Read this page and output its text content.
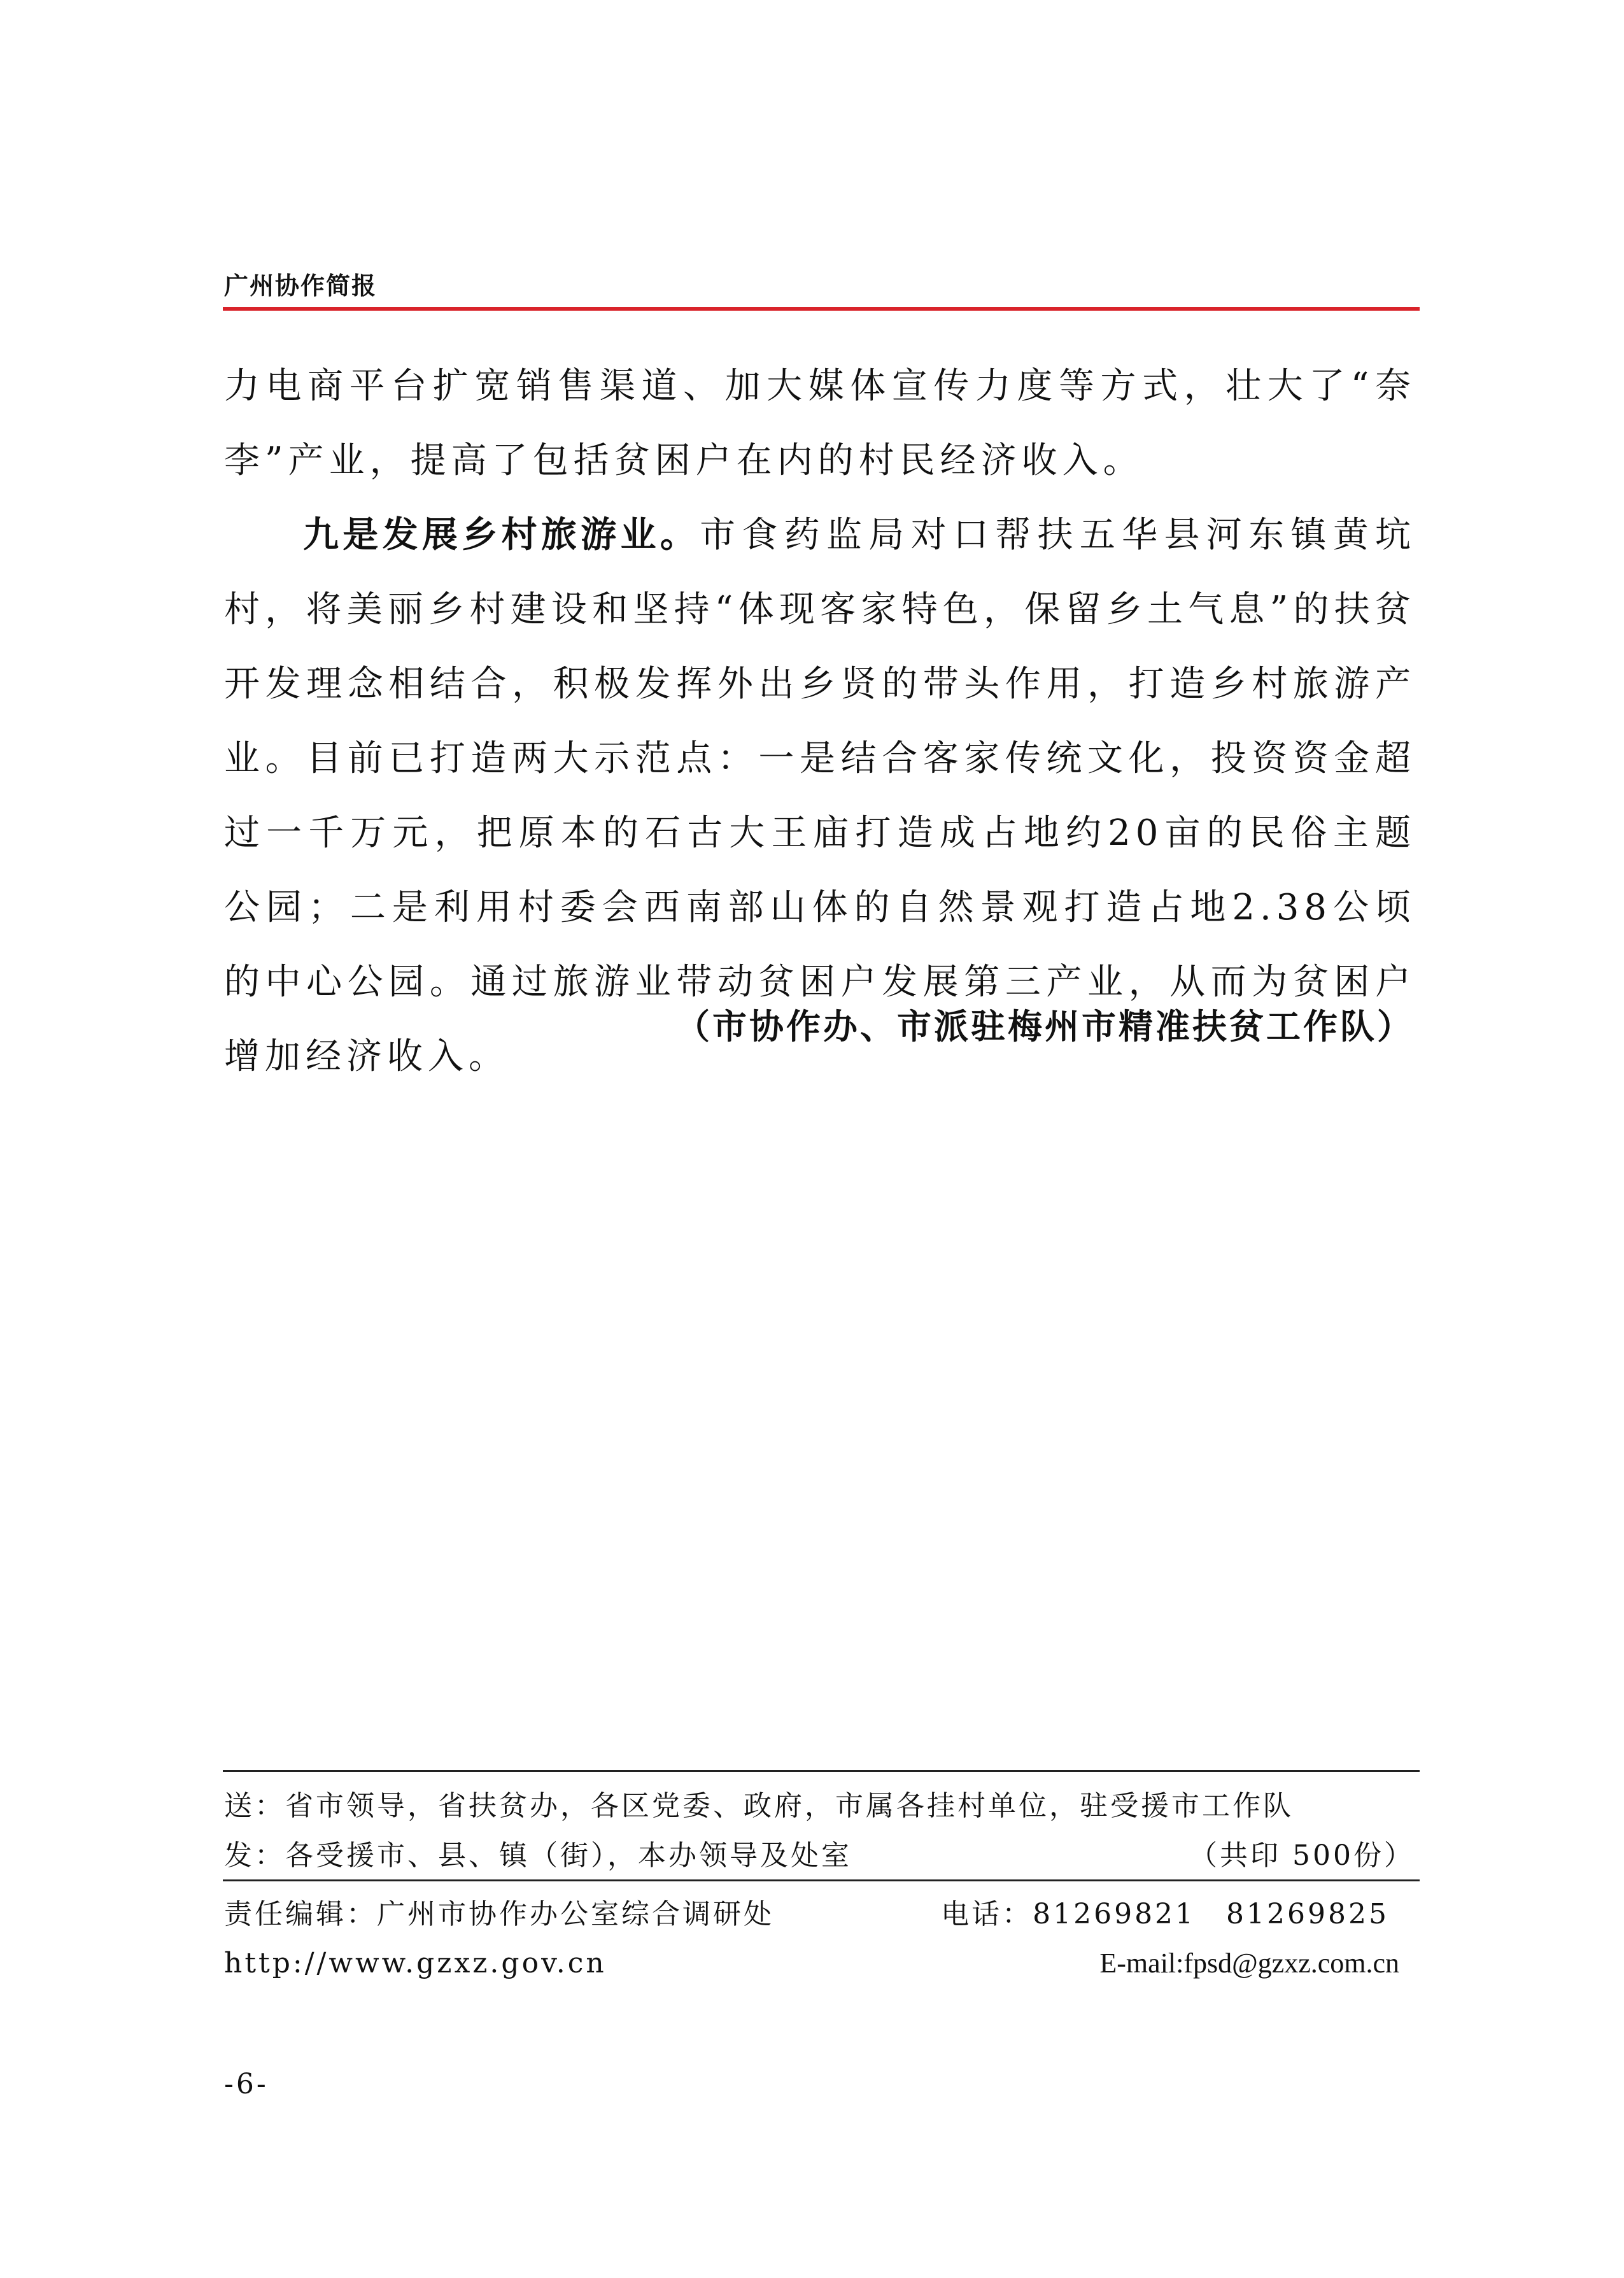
广州协作简报

力电商平台扩宽销售渠道、加大媒体宣传力度等方式，壮大了“奈李”产业，提高了包括贫困户在内的村民经济收入。

九是发展乡村旅游业。市食药监局对口帮扶五华县河东镇黄坑村，将美丽乡村建设和坚持“体现客家特色，保留乡土气息”的扶贫开发理念相结合，积极发挥外出乡贤的带头作用，打造乡村旅游产业。目前已打造两大示范点：一是结合客家传统文化，投资资金超过一千万元，把原本的石古大王庙打造成占地约20亩的民俗主题公园；二是利用村委会西南部山体的自然景观打造占地2.38公顷的中心公园。通过旅游业带动贫困户发展第三产业，从而为贫困户增加经济收入。

（市协作办、市派驻梅州市精准扶贫工作队）
送：省市领导，省扶贫办，各区党委、政府，市属各挂村单位，驻受援市工作队
发：各受援市、县、镇（街），本办领导及处室	（共印 500份）
责任编辑：广州市协作办公室综合调研处	电话：81269821　81269825
http://www.gzxz.gov.cn	E-mail:fpsd@gzxz.com.cn
-6-
